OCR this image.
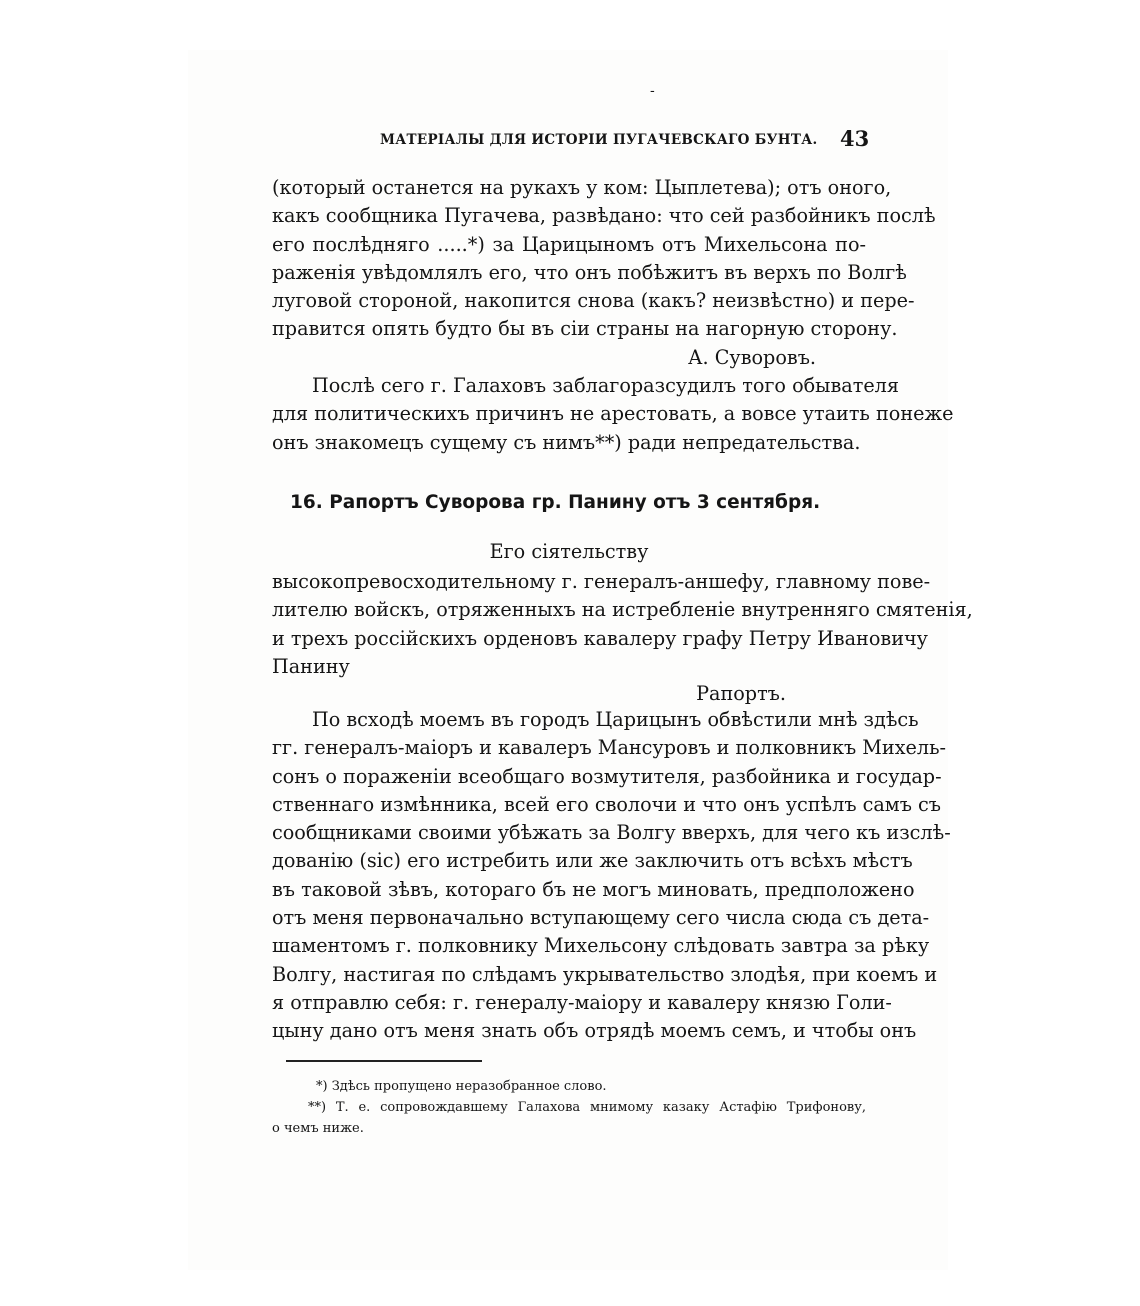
-
МАТЕРIАЛЫ ДЛЯ ИСТОРIИ ПУГАЧЕВСКАГО БУНТА. 43
(который останется на рукахъ у ком: Цыплетева); отъ оного,
какъ сообщника Пугачева, развѣдано: что сей разбойникъ послѣ
его послѣдняго .....*) за Царицыномъ отъ Михельсона по-
раженiя увѣдомлялъ его, что онъ побѣжитъ въ верхъ по Волгѣ
луговой стороной, накопится снова (какъ? неизвѣстно) и пере-
правится опять будто бы въ сiи страны на нагорную сторону.
А. Суворовъ.
Послѣ сего г. Галаховъ заблагоразсудилъ того обывателя
для политическихъ причинъ не арестовать, а вовсе утаить понеже
онъ знакомецъ сущему съ нимъ**) ради непредательства.
16. Рапортъ Суворова гр. Панину отъ 3 сентября.
Его сiятельству
высокопревосходительному г. генералъ-аншефу, главному пове-
лителю войскъ, отряженныхъ на истребленiе внутренняго смятенiя,
и трехъ россiйскихъ орденовъ кавалеру графу Петру Ивановичу
Панину
Рапортъ.
По всходѣ моемъ въ городъ Царицынъ обвѣстили мнѣ здѣсь
гг. генералъ-маiоръ и кавалеръ Мансуровъ и полковникъ Михель-
сонъ о пораженiи всеобщаго возмутителя, разбойника и государ-
ственнаго измѣнника, всей его сволочи и что онъ успѣлъ самъ съ
сообщниками своими убѣжать за Волгу вверхъ, для чего къ изслѣ-
дованiю (sic) его истребить или же заключить отъ всѣхъ мѣстъ
въ таковой зѣвъ, котораго бъ не могъ миновать, предположено
отъ меня первоначально вступающему сего числа сюда съ дета-
шаментомъ г. полковнику Михельсону слѣдовать завтра за рѣку
Волгу, настигая по слѣдамъ укрывательство злодѣя, при коемъ и
я отправлю себя: г. генералу-маiору и кавалеру князю Голи-
цыну дано отъ меня знать объ отрядѣ моемъ семъ, и чтобы онъ
*) Здѣсь пропущено неразобранное слово.
**) Т. е. сопровождавшему Галахова мнимому казаку Астафiю Трифонову,
о чемъ ниже.
